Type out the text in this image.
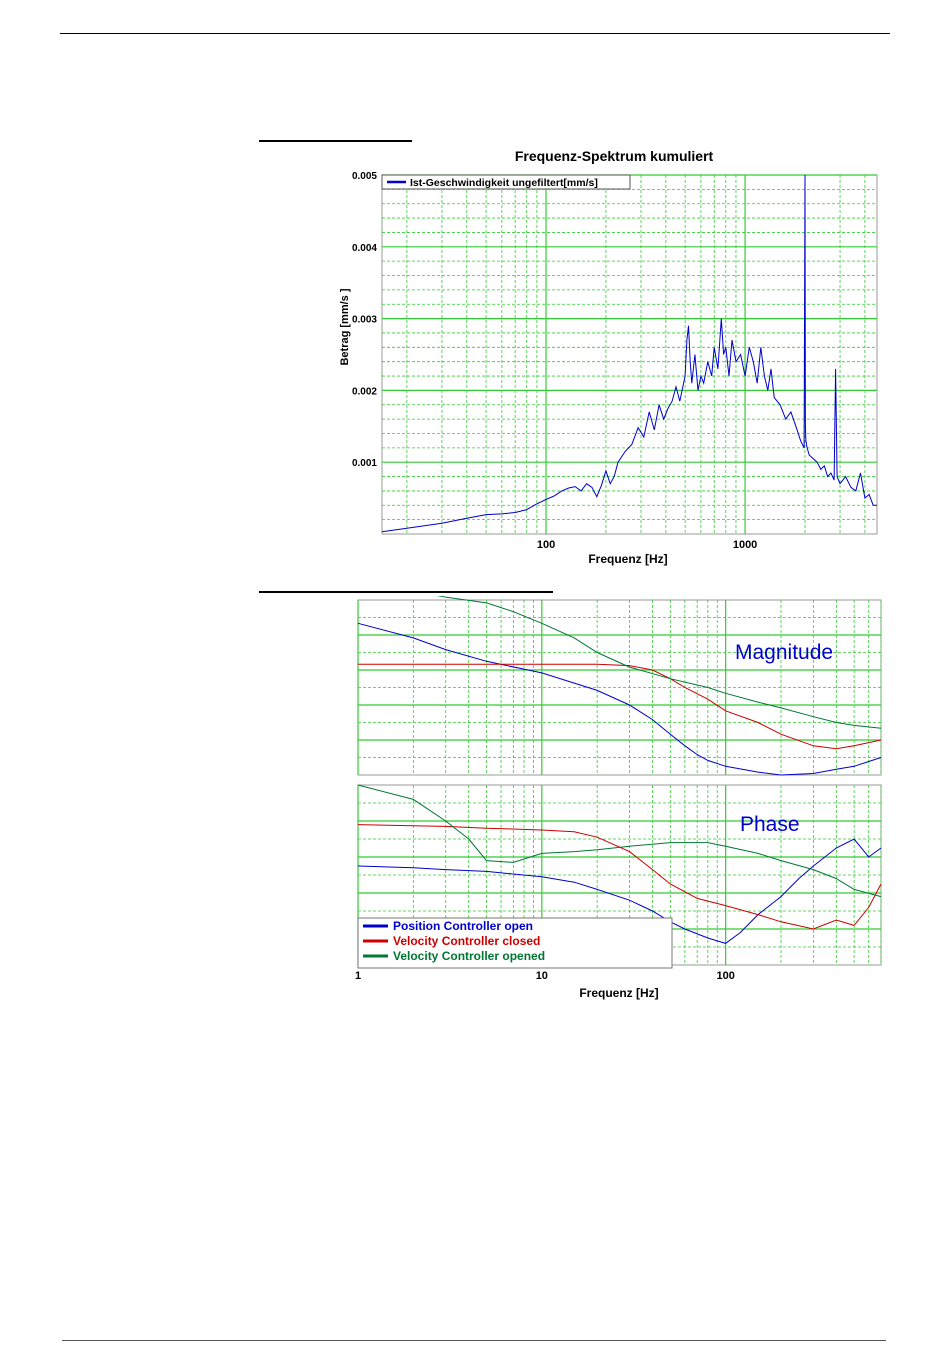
Frequenz-Spektrum kumuliert
0.001
0.002
0.003
0.004
0.005
100	1000
Frequenz [Hz]
Betrag [mm/s ]
Ist-Geschwindigkeit ungefiltert[mm/s]
Magnitude
Phase
Position Controller open
Velocity Controller closed
Velocity Controller opened
1	10	100
Frequenz [Hz]
